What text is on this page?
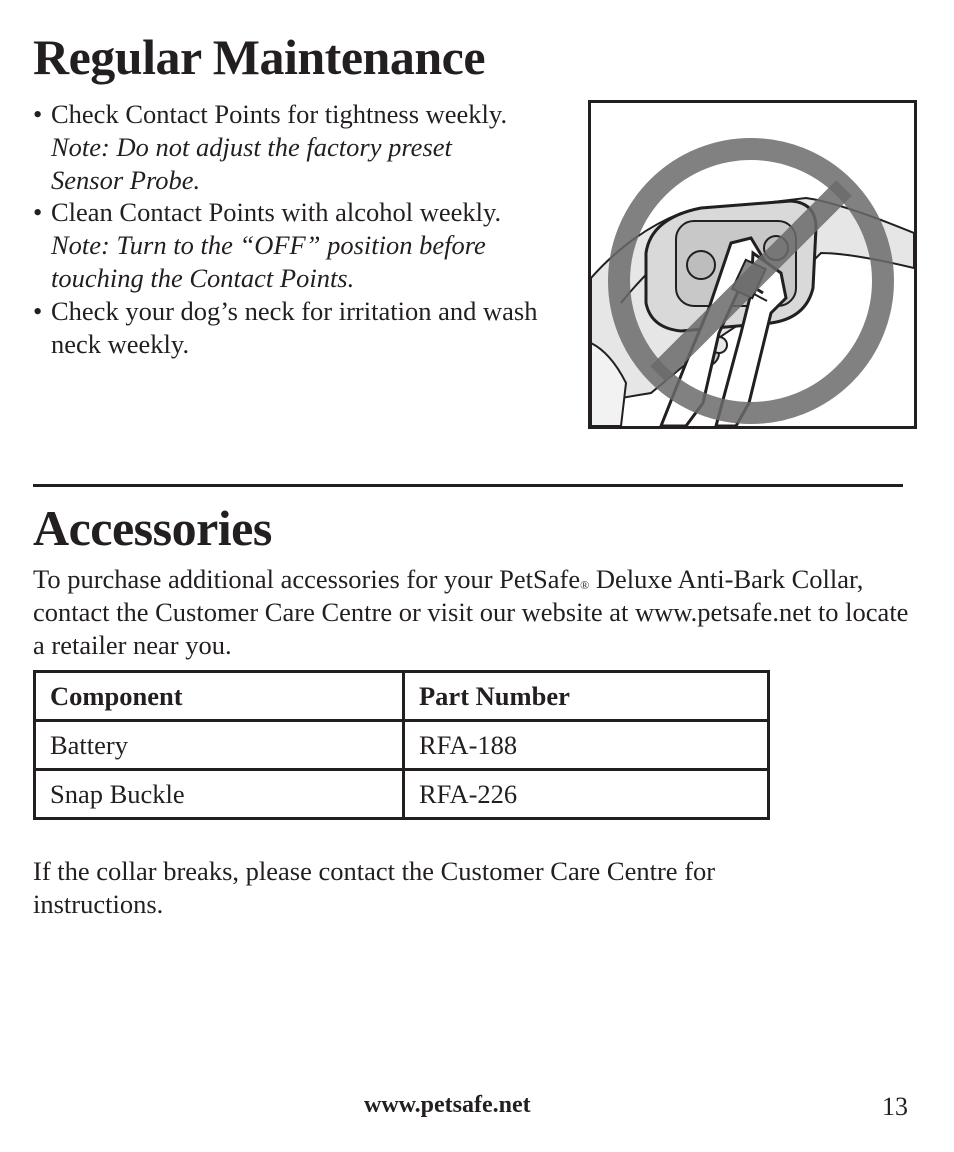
Regular Maintenance
• Check Contact Points for tightness weekly.
Note: Do not adjust the factory preset Sensor Probe.
• Clean Contact Points with alcohol weekly.
Note: Turn to the “OFF” position before touching the Contact Points.
• Check your dog’s neck for irritation and wash neck weekly.
Accessories

To purchase additional accessories for your PetSafe® Deluxe Anti-Bark Collar, contact the Customer Care Centre or visit our website at www.petsafe.net to locate a retailer near you.

Component	Part Number
Battery	RFA-188
Snap Buckle	RFA-226

If the collar breaks, please contact the Customer Care Centre for instructions.

www.petsafe.net	13
